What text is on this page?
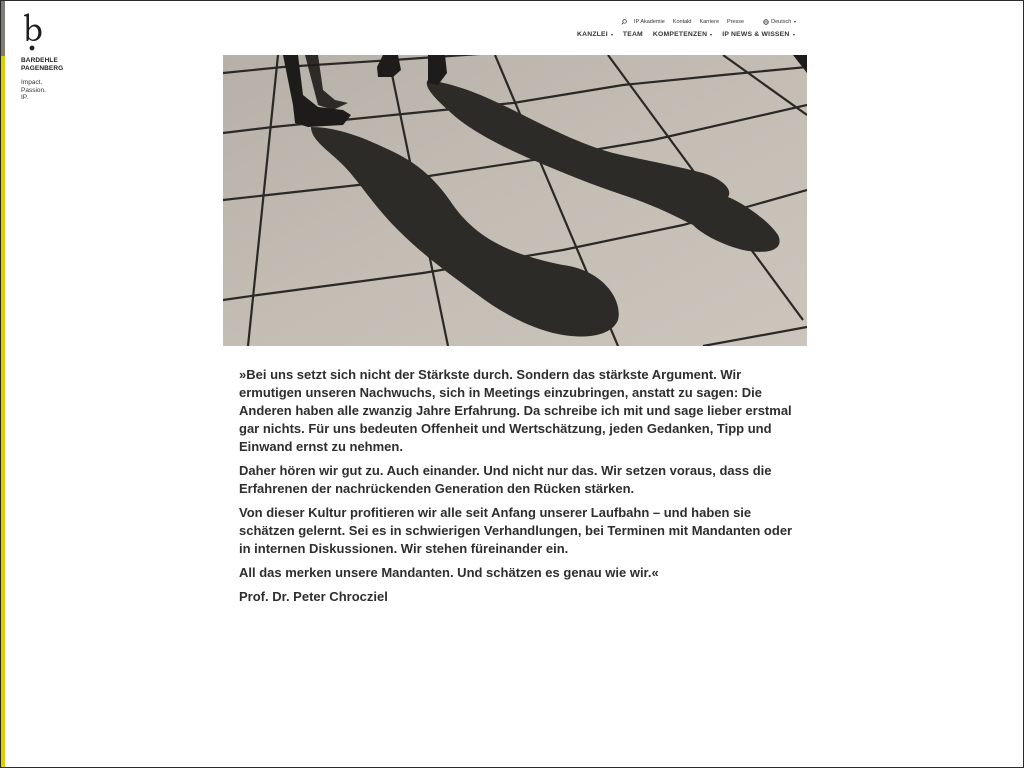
BARDEHLE
PAGENBERG
Impact.
Passion.
IP.
IP Akademie Kontakt Karriere Presse	Deutsch
KANZLEI TEAM KOMPETENZEN IP NEWS & WISSEN

»Bei uns setzt sich nicht der Stärkste durch. Sondern das stärkste Argument. Wir ermutigen unseren Nachwuchs, sich in Meetings einzubringen, anstatt zu sagen: Die Anderen haben alle zwanzig Jahre Erfahrung. Da schreibe ich mit und sage lieber erstmal gar nichts. Für uns bedeuten Offenheit und Wertschätzung, jeden Gedanken, Tipp und Einwand ernst zu nehmen.

Daher hören wir gut zu. Auch einander. Und nicht nur das. Wir setzen voraus, dass die Erfahrenen der nachrückenden Generation den Rücken stärken.

Von dieser Kultur profitieren wir alle seit Anfang unserer Laufbahn – und haben sie schätzen gelernt. Sei es in schwierigen Verhandlungen, bei Terminen mit Mandanten oder in internen Diskussionen. Wir stehen füreinander ein.

All das merken unsere Mandanten. Und schätzen es genau wie wir.«

Prof. Dr. Peter Chrocziel
